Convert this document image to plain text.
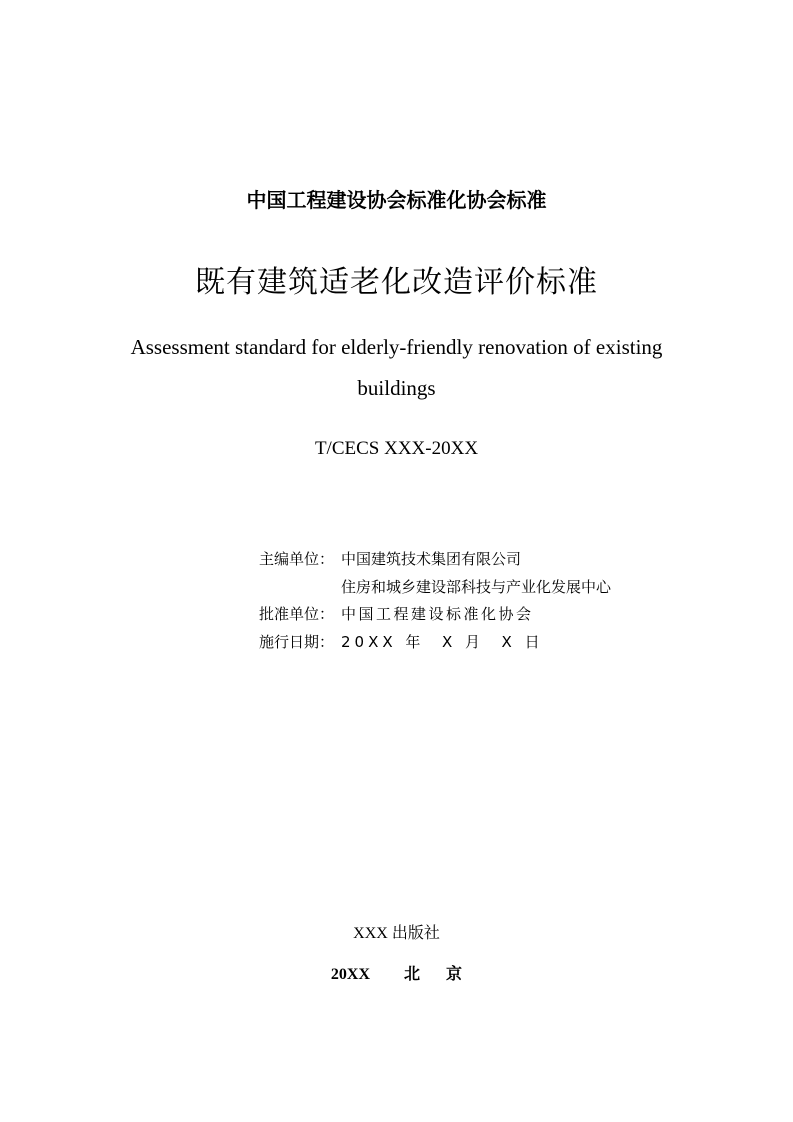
中国工程建设协会标准化协会标准
既有建筑适老化改造评价标准
Assessment standard for elderly-friendly renovation of existing
buildings
T/CECS XXX-20XX
主编单位： 中国建筑技术集团有限公司
住房和城乡建设部科技与产业化发展中心
批准单位： 中国工程建设标准化协会
施行日期： 20XX 年  X 月  X 日
XXX 出版社
20XX 北 京
